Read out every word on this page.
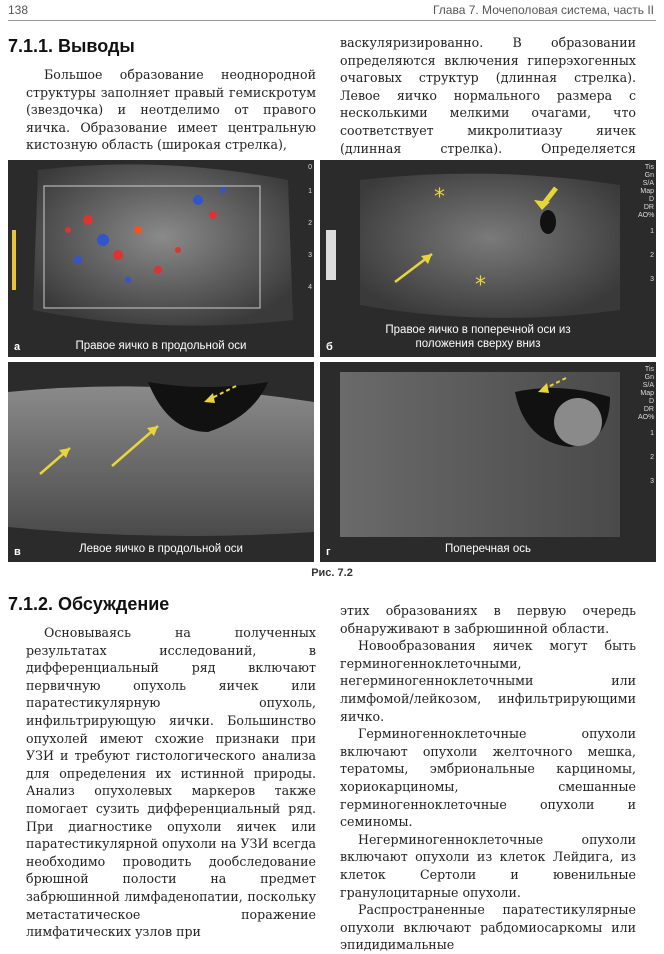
138	Глава 7. Мочеполовая система, часть II
7.1.1. Выводы

Большое образование неоднородной структуры заполняет правый гемискротум (звездочка) и неотделимо от правого яичка. Образование имеет центральную кистозную область (широкая стрелка),

васкуляризированно. В образовании определяются включения гиперэхогенных очаговых структур (длинная стрелка). Левое яичко нормального размера с несколькими мелкими очагами, что соответствует микролитиазу яичек (длинная стрелка). Определяется

0

1

2

3

4
а	Правое яичко в продольной оси
*
*
Tis
Gn
S/A
Map
D
DR
AO%

1

2

3
б
Правое яичко в поперечной оси из положения сверху вниз
в	Левое яичко в продольной оси
Tis
Gn
S/A
Map
D
DR
AO%

1

2

3
г	Поперечная ось
Рис. 7.2
7.1.2. Обсуждение

Основываясь на полученных результатах исследований, в дифференциальный ряд включают первичную опухоль яичек или паратестикулярную опухоль, инфильтрирующую яички. Большинство опухолей имеют схожие признаки при УЗИ и требуют гистологического анализа для определения их истинной природы. Анализ опухолевых маркеров также помогает сузить дифференциальный ряд. При диагностике опухоли яичек или паратестикулярной опухоли на УЗИ всегда необходимо проводить дообследование брюшной полости на предмет забрюшинной лимфаденопатии, поскольку метастатическое поражение лимфатических узлов при

этих образованиях в первую очередь обнаруживают в забрюшинной области.

Новообразования яичек могут быть герминогенноклеточными, негерминогенноклеточными или лимфомой/лейкозом, инфильтрирующими яичко.

Герминогенноклеточные опухоли включают опухоли желточного мешка, тератомы, эмбриональные карциномы, хориокарциномы, смешанные герминогенноклеточные опухоли и семиномы.

Негерминогенноклеточные опухоли включают опухоли из клеток Лейдига, из клеток Сертоли и ювенильные гранулоцитарные опухоли.

Распространенные паратестикулярные опухоли включают рабдомиосаркомы или эпидидимальные
